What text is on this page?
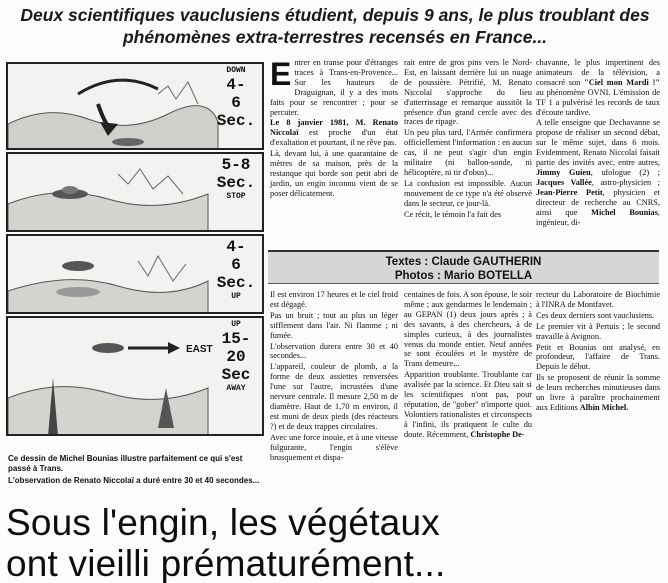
Deux scientifiques vauclusiens étudient, depuis 9 ans, le plus troublant des phénomènes extra-terrestres recensés en France...
DOWN
4-
6
Sec.
5-8
Sec.
STOP
4-
6
Sec.
UP
EAST
UP
15-
20
Sec
AWAY
Ce dessin de Michel Bounias illustre parfaitement ce qui s'est passé à Trans.
L'observation de Renato Niccolaï a duré entre 30 et 40 secondes...

Entrer en transe pour d'étranges traces à Trans-en-Provence... Sur les hauteurs de Draguignan, il y a des mots faits pour se rencontrer ; pour se percuter.

Le 8 janvier 1981, M. Renato Niccolaï est proche d'un état d'exaltation et pourtant, il ne rêve pas.

Là, devant lui, à une quarantaine de mètres de sa maison, près de la restanque qui borde son petit abri de jardin, un engin inconnu vient de se poser délicatement.

rait entre de gros pins vers le Nord-Est, en laissant derrière lui un nuage de poussière. Pétrifié, M. Renato Niccolaï s'approche du lieu d'atterrissage et remarque aussitôt la présence d'un grand cercle avec des traces de ripage.

Un peu plus tard, l'Armée confirmera officiellement l'information : en aucun cas, il ne peut s'agir d'un engin militaire (ni ballon-sonde, ni hélicoptère, ni tir d'obus)...

La confusion est impossible. Aucun mouvement de ce type n'a été observé dans le secteur, ce jour-là.

Ce récit, le témoin l'a fait des

chavanne, le plus impertinent des animateurs de la télévision, a consacré son "Ciel mon Mardi !" au phénomène OVNI. L'émission de TF 1 a pulvérisé les records de taux d'écoute tardive.

A telle enseigne que Dechavanne se propose de réaliser un second débat, sur le même sujet, dans 6 mois. Evidemment, Renato Niccolaï faisait partie des invités avec, entre autres, Jimmy Guieu, ufologue (2) ; Jacques Vallée, astro-physicien ; Jean-Pierre Petit, physicien et directeur de recherche au CNRS, ainsi que Michel Bounias, ingénieur, di-

Textes : Claude GAUTHERIN
Photos : Mario BOTELLA

Il est environ 17 heures et le ciel froid est dégagé.

Pas un bruit ; tout au plus un léger sifflement dans l'air. Ni flamme ; ni fumée.

L'observation durera entre 30 et 40 secondes...

L'appareil, couleur de plomb, a la forme de deux assiettes renversées l'une sur l'autre, incrustées d'une nervure centrale. Il mesure 2,50 m de diamètre. Haut de 1,70 m environ, il est muni de deux pieds (des réacteurs ?) et de deux trappes circulaires.

Avec une force inouïe, et à une vitesse fulgurante, l'engin s'élève brusquement et dispa-

centaines de fois. A son épouse, le soir même ; aux gendarmes le lendemain ; au GEPAN (1) deux jours après ; à des savants, à des chercheurs, à de simples curieux, à des journalistes venus du monde entier. Neuf années se sont écoulées et le mystère de Trans demeure...

Apparition troublante. Troublante car avalisée par la science. Et Dieu sait si les scientifiques n'ont pas, pour réputation, de "gober" n'importe quoi. Volontiers rationalistes et circonspects à l'infini, ils pratiquent le culte du doute. Récemment, Christophe De-

recteur du Laboratoire de Biochimie à l'INRA de Montfavet.

Ces deux derniers sont vauclusiens.

Le premier vit à Pertuis ; le second travaille à Avignon.

Petit et Bounias ont analysé, en profondeur, l'affaire de Trans. Depuis le début.

Ils se proposent de réunir la somme de leurs recherches minutieuses dans un livre à paraître prochainement aux Editions Albin Michel.

Sous l'engin, les végétaux
ont vieilli prématurément...
